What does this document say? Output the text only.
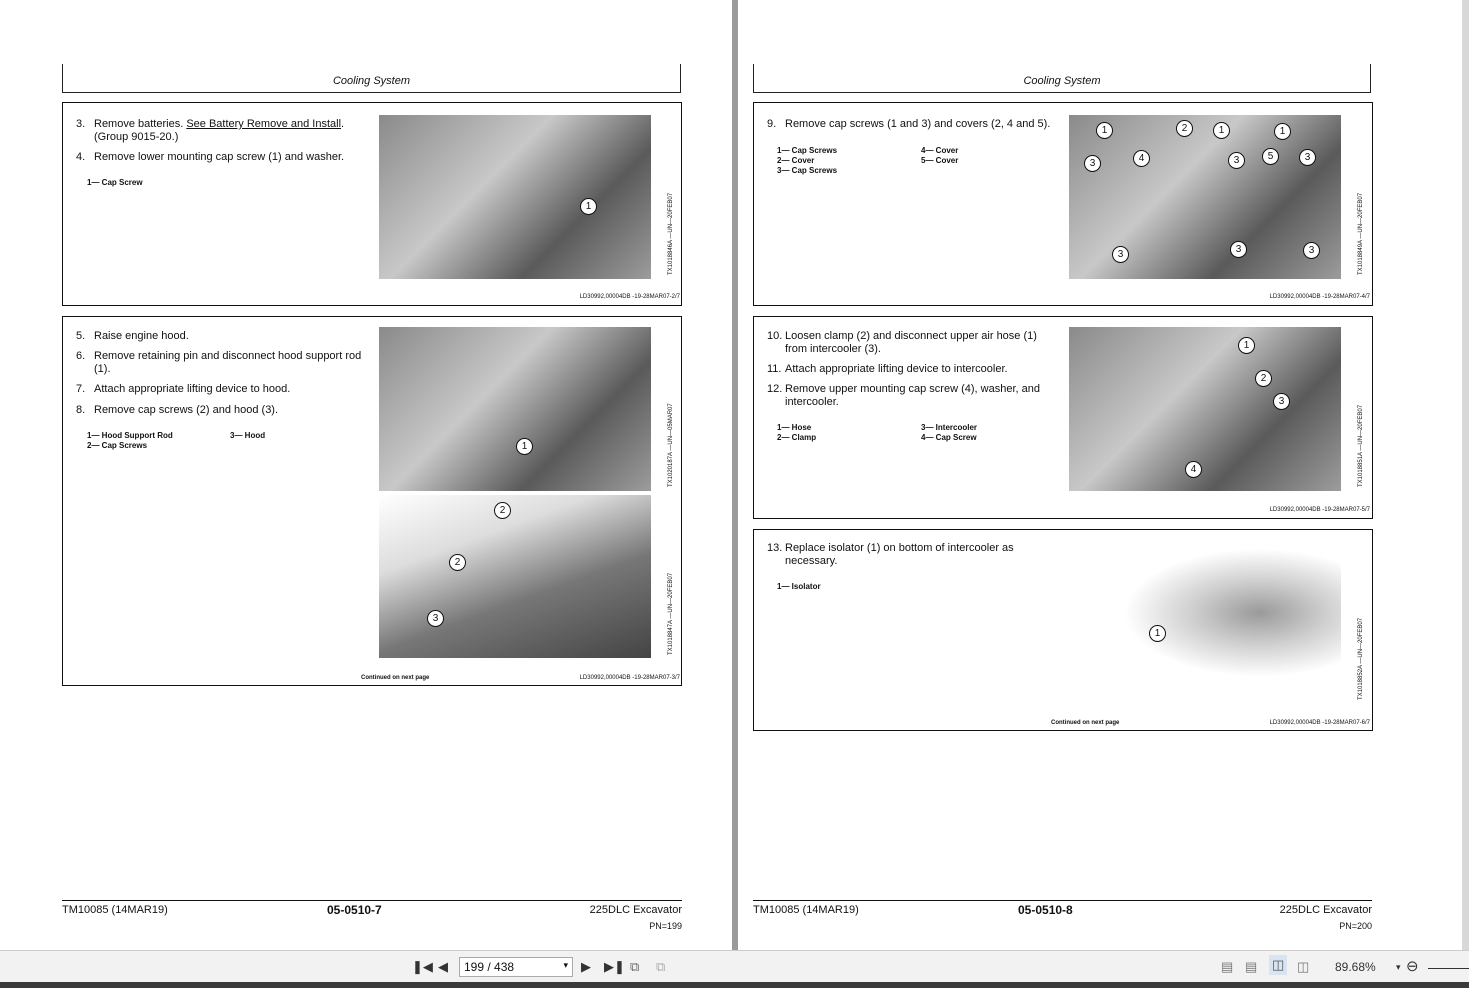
Cooling System
3. Remove batteries. See Battery Remove and Install. (Group 9015-20.)
4. Remove lower mounting cap screw (1) and washer.
1— Cap Screw
1	TX1018846A —UN—20FEB07
LD30992,00004DB -19-28MAR07-2/7
5. Raise engine hood.
6. Remove retaining pin and disconnect hood support rod (1).
7. Attach appropriate lifting device to hood.
8. Remove cap screws (2) and hood (3).
1— Hood Support Rod
2— Cap Screws
3— Hood
1
2
2
3
TX1020187A —UN—05MAR07
TX1018847A —UN—20FEB07
Continued on next page	LD30992,00004DB -19-28MAR07-3/7
TM10085 (14MAR19)	05-0510-7	225DLC Excavator
PN=199
Cooling System
9. Remove cap screws (1 and 3) and covers (2, 4 and 5).
1— Cap Screws
2— Cover
3— Cap Screws
4— Cover
5— Cover
1	2	1	1
3	4	3	5	3
3	3	3	TX1018849A —UN—20FEB07
LD30992,00004DB -19-28MAR07-4/7
10. Loosen clamp (2) and disconnect upper air hose (1) from intercooler (3).
11. Attach appropriate lifting device to intercooler.
12. Remove upper mounting cap screw (4), washer, and intercooler.
1— Hose
2— Clamp
3— Intercooler
4— Cap Screw
1
2
3
4	TX1018851A —UN—20FEB07
LD30992,00004DB -19-28MAR07-5/7
13. Replace isolator (1) on bottom of intercooler as necessary.
1— Isolator
1	TX1018852A —UN—20FEB07
Continued on next page	LD30992,00004DB -19-28MAR07-6/7
TM10085 (14MAR19)	05-0510-8	225DLC Excavator
PN=200
❚◀ ◀	199 / 438	▾ ▶ ▶❚ ⧉ ⧉	▤ ▤ ◫ ◫ 89.68% ▾ ⊖
